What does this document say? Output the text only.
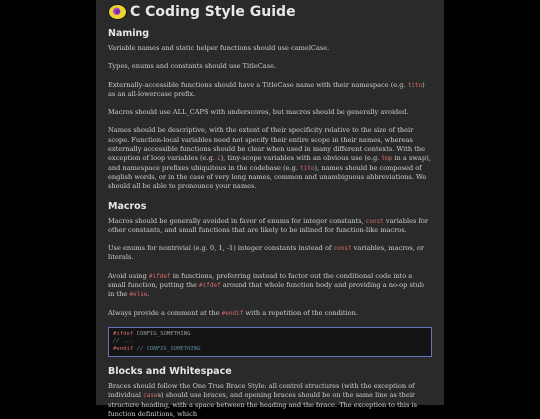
C Coding Style Guide
Naming

Variable names and static helper functions should use camelCase.

Types, enums and constants should use TitleCase.

Externally-accessible functions should have a TitleCase name with their namespace (e.g. tito) as an all-lowercase prefix.

Macros should use ALL_CAPS with underscores, but macros should be generally avoided.

Names should be descriptive, with the extent of their specificity relative to the size of their scope. Function-local variables need not specify their entire scope in their names, whereas externally accessible functions should be clear when used in many different contexts. With the exception of loop variables (e.g. i), tiny-scope variables with an obvious use (e.g. tmp in a swap), and namespace prefixes ubiquitous in the codebase (e.g. tito), names should be composed of english words, or in the case of very long names, common and unambiguous abbreviations. We should all be able to pronounce your names.

Macros

Macros should be generally avoided in favor of enums for integer constants, const variables for other constants, and small functions that are likely to be inlined for function-like macros.

Use enums for nontrivial (e.g. 0, 1, -1) integer constants instead of const variables, macros, or literals.

Avoid using #ifdef in functions, preferring instead to factor out the conditional code into a small function, putting the #ifdef around that whole function body and providing a no-op stub in the #else.

Always provide a comment at the #endif with a repetition of the condition.

#ifdef CONFIG_SOMETHING
// ...
#endif // CONFIG_SOMETHING
Blocks and Whitespace

Braces should follow the One True Brace Style: all control structures (with the exception of individual cases) should use braces, and opening braces should be on the same line as their structure heading, with a space between the heading and the brace. The exception to this is function definitions, which
